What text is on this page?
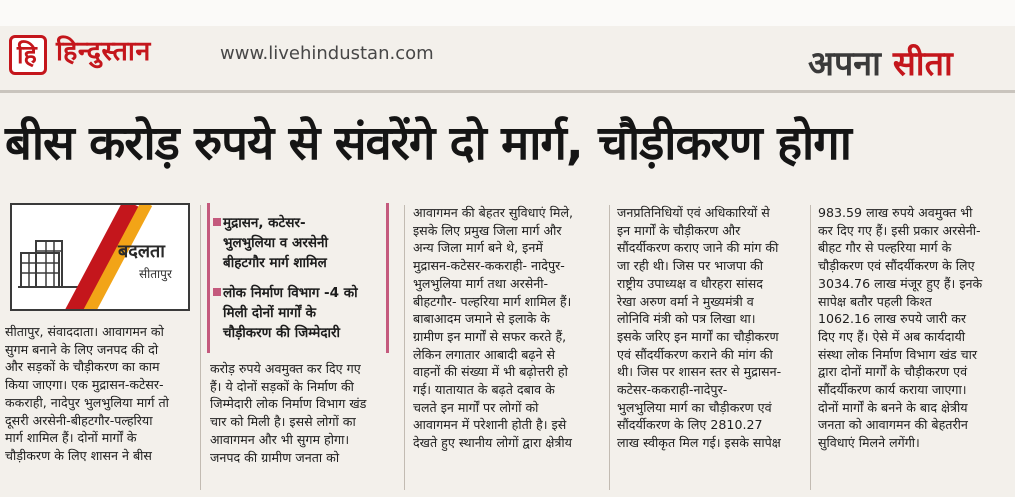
हि हिन्दुस्तान	www.livehindustan.com	अपना सीता
बीस करोड़ रुपये से संवरेंगे दो मार्ग, चौड़ीकरण होगा
बदलता
सीतापुर
मुद्रासन, कटेसर-
भुलभुलिया व अरसेनी
बीहटगौर मार्ग शामिल
लोक निर्माण विभाग -4 को
मिली दोनों मार्गों के
चौड़ीकरण की जिम्मेदारी
सीतापुर, संवाददाता। आवागमन को
सुगम बनाने के लिए जनपद की दो
और सड़कों के चौड़ीकरण का काम
किया जाएगा। एक मुद्रासन-कटेसर-
ककराही, नादेपुर भुलभुलिया मार्ग तो
दूसरी अरसेनी-बीहटगौर-पल्हरिया
मार्ग शामिल हैं। दोनों मार्गों के
चौड़ीकरण के लिए शासन ने बीस
करोड़ रुपये अवमुक्त कर दिए गए
हैं। ये दोनों सड़कों के निर्माण की
जिम्मेदारी लोक निर्माण विभाग खंड
चार को मिली है। इससे लोगों का
आवागमन और भी सुगम होगा।
जनपद की ग्रामीण जनता को
आवागमन की बेहतर सुविधाएं मिले,
इसके लिए प्रमुख जिला मार्ग और
अन्य जिला मार्ग बने थे, इनमें
मुद्रासन-कटेसर-ककराही- नादेपुर-
भुलभुलिया मार्ग तथा अरसेनी-
बीहटगौर- पल्हरिया मार्ग शामिल हैं।
बाबाआदम जमाने से इलाके के
ग्रामीण इन मार्गों से सफर करते हैं,
लेकिन लगातार आबादी बढ़ने से
वाहनों की संख्या में भी बढ़ोत्तरी हो
गई। यातायात के बढ़ते दबाव के
चलते इन मार्गों पर लोगों को
आवागमन में परेशानी होती है। इसे
देखते हुए स्थानीय लोगों द्वारा क्षेत्रीय
जनप्रतिनिधियों एवं अधिकारियों से
इन मार्गों के चौड़ीकरण और
सौंदर्यीकरण कराए जाने की मांग की
जा रही थी। जिस पर भाजपा की
राष्ट्रीय उपाध्यक्ष व धौरहरा सांसद
रेखा अरुण वर्मा ने मुख्यमंत्री व
लोनिवि मंत्री को पत्र लिखा था।
इसके जरिए इन मार्गों का चौड़ीकरण
एवं सौंदर्यीकरण कराने की मांग की
थी। जिस पर शासन स्तर से मुद्रासन-
कटेसर-ककराही-नादेपुर-
भुलभुलिया मार्ग का चौड़ीकरण एवं
सौंदर्यीकरण के लिए 2810.27
लाख स्वीकृत मिल गई। इसके सापेक्ष
983.59 लाख रुपये अवमुक्त भी
कर दिए गए हैं। इसी प्रकार अरसेनी-
बीहट गौर से पल्हरिया मार्ग के
चौड़ीकरण एवं सौंदर्यीकरण के लिए
3034.76 लाख मंजूर हुए हैं। इनके
सापेक्ष बतौर पहली किश्त
1062.16 लाख रुपये जारी कर
दिए गए हैं। ऐसे में अब कार्यदायी
संस्था लोक निर्माण विभाग खंड चार
द्वारा दोनों मार्गों के चौड़ीकरण एवं
सौंदर्यीकरण कार्य कराया जाएगा।
दोनों मार्गों के बनने के बाद क्षेत्रीय
जनता को आवागमन की बेहतरीन
सुविधाएं मिलने लगेंगी।
